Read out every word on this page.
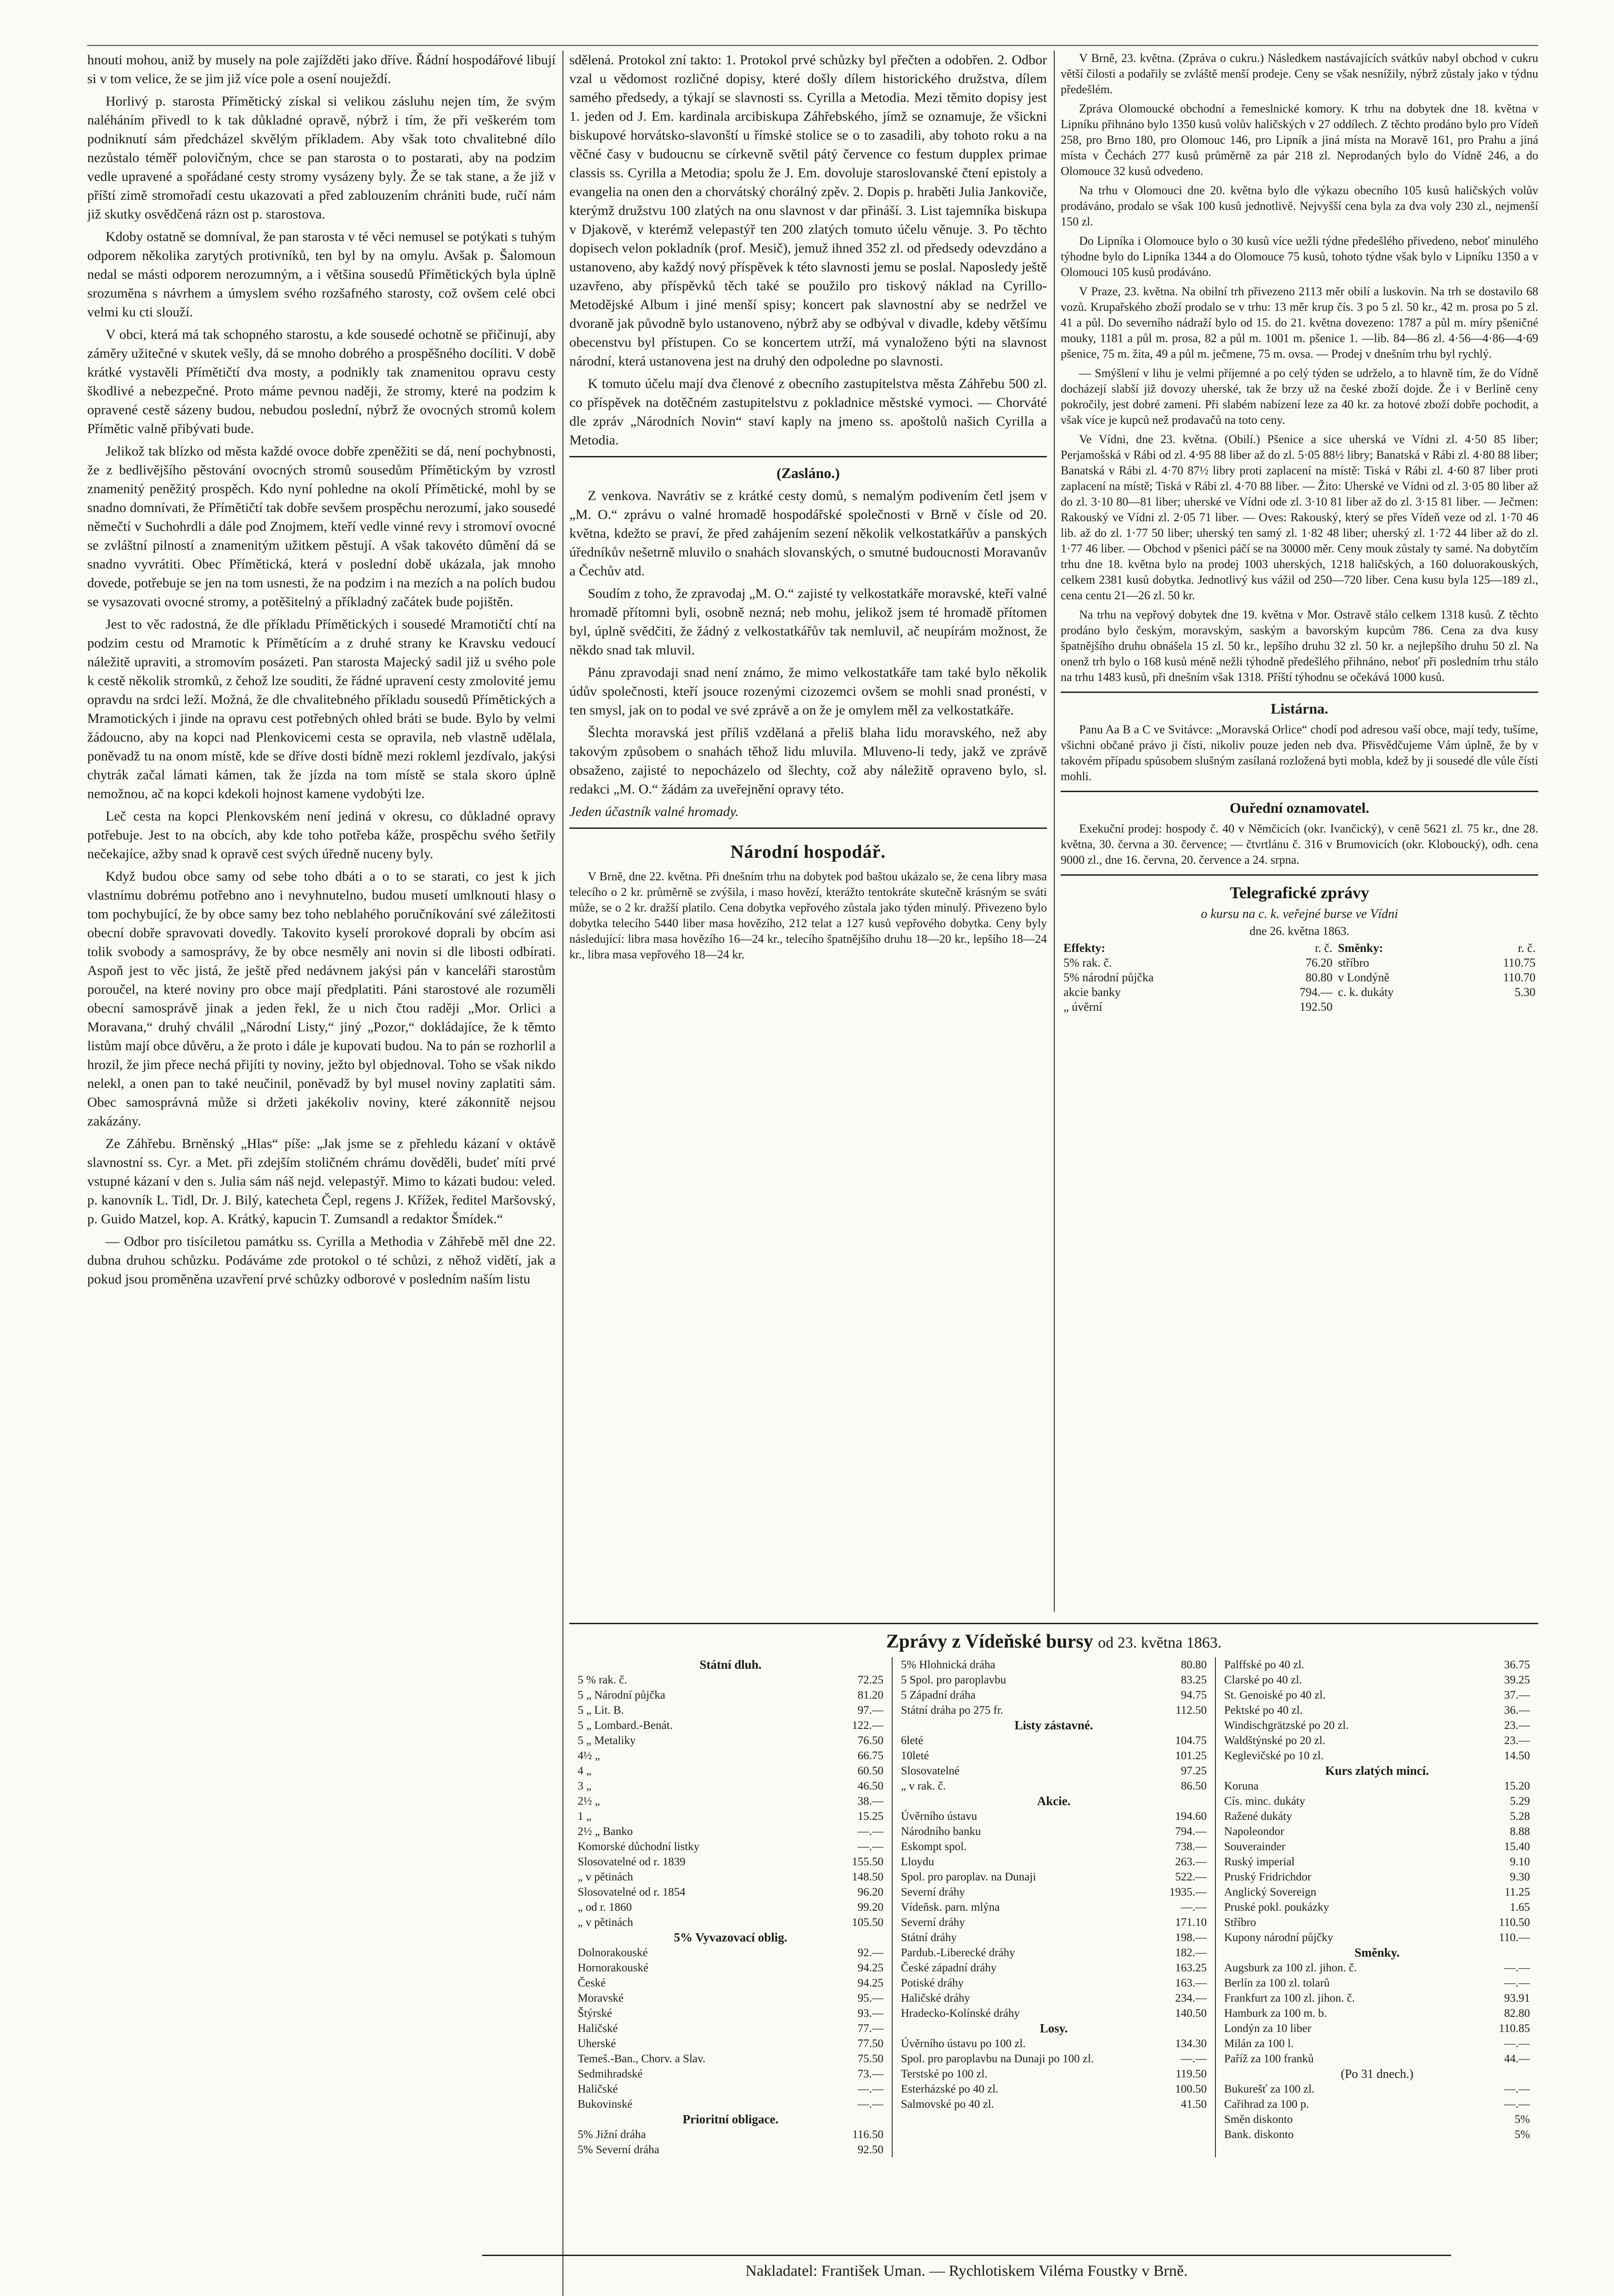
hnouti mohou, aniž by musely na pole zajížděti jako dříve. Řádní hospodářové libují si v tom velice, že se jim již více pole a osení nouježdí.

Horlivý p. starosta Přímětický získal si velikou zásluhu nejen tím, že svým naléháním přivedl to k tak důkladné opravě, nýbrž i tím, že při veškerém tom podniknutí sám předcházel skvělým příkladem. Aby však toto chvalitebné dílo nezůstalo téměř polovičným, chce se pan starosta o to postarati, aby na podzim vedle upravené a spořádané cesty stromy vysázeny byly. Že se tak stane, a že již v příští zimě stromořadí cestu ukazovati a před zablouzením chrániti bude, ručí nám již skutky osvědčená rázn ost p. starostova.

Kdoby ostatně se domníval, že pan starosta v té věci nemusel se potýkati s tuhým odporem několika zarytých protivníků, ten byl by na omylu. Avšak p. Šalomoun nedal se másti odporem nerozumným, a i většina sousedů Přímětických byla úplně srozuměna s návrhem a úmyslem svého rozšafného starosty, což ovšem celé obci velmi ku cti slouží.

V obci, která má tak schopného starostu, a kde sousedé ochotně se přičinují, aby záměry užitečné v skutek vešly, dá se mnoho dobrého a prospěšného docíliti. V době krátké vystavěli Přímětičtí dva mosty, a podnikly tak znamenitou opravu cesty škodlivé a nebezpečné. Proto máme pevnou naději, že stromy, které na podzim k opravené cestě sázeny budou, nebudou poslední, nýbrž že ovocných stromů kolem Přímětic valně přibývati bude.

Jelikož tak blízko od města každé ovoce dobře zpeněžiti se dá, není pochybnosti, že z bedlivějšího pěstování ovocných stromů sousedům Přímětickým by vzrostl znamenitý peněžitý prospěch. Kdo nyní pohledne na okolí Přímětické, mohl by se snadno domnívati, že Přímětičtí tak dobře sevšem prospěchu nerozumí, jako sousedé němečtí v Suchohrdli a dále pod Znojmem, kteří vedle vinné revy i stromoví ovocné se zvláštní pilností a znamenitým užitkem pěstují. A však takovéto dûmění dá se snadno vyvrátiti. Obec Přímětická, která v poslední době ukázala, jak mnoho dovede, potřebuje se jen na tom usnesti, že na podzim i na mezích a na polích budou se vysazovati ovocné stromy, a potěšitelný a příkladný začátek bude pojištěn.

Jest to věc radostná, že dle příkladu Přímětických i sousedé Mramotičtí chtí na podzim cestu od Mramotic k Přímětícím a z druhé strany ke Kravsku vedoucí náležitě upraviti, a stromovím posázeti. Pan starosta Majecký sadil již u svého pole k cestě několik stromků, z čehož lze souditi, že řádné upravení cesty zmolovité jemu opravdu na srdci leží. Možná, že dle chvalitebného příkladu sousedů Přímětických a Mramotických i jinde na opravu cest potřebných ohled bráti se bude. Bylo by velmi žádoucno, aby na kopci nad Plenkovicemi cesta se opravila, neb vlastně udělala, poněvadž tu na onom místě, kde se dříve dosti bídně mezi rokleml jezdívalo, jakýsi chytrák začal lámati kámen, tak že jízda na tom místě se stala skoro úplně nemožnou, ač na kopci kdekoli hojnost kamene vydobýti lze.

Leč cesta na kopci Plenkovském není jediná v okresu, co důkladné opravy potřebuje. Jest to na obcích, aby kde toho potřeba káže, prospěchu svého šetřily nečekajíce, ažby snad k opravě cest svých úředně nuceny byly.

Když budou obce samy od sebe toho dbáti a o to se starati, co jest k jich vlastnímu dobrému potřebno ano i nevyhnutelno, budou musetí umlknouti hlasy o tom pochybující, že by obce samy bez toho neblahého poručníkování své záležitosti obecní dobře spravovati dovedly. Takovito kyselí prorokové doprali by obcím asi tolik svobody a samosprávy, že by obce nesměly ani novin si dle libosti odbírati. Aspoň jest to věc jistá, že ještě před nedávnem jakýsi pán v kanceláři starostům poroučel, na které noviny pro obce mají předplatiti. Páni starostové ale rozuměli obecní samosprávě jinak a jeden řekl, že u nich čtou raději „Mor. Orlici a Moravana,“ druhý chválil „Národní Listy,“ jiný „Pozor,“ dokládajíce, že k těmto listům mají obce důvěru, a že proto i dále je kupovati budou. Na to pán se rozhorlil a hrozil, že jim přece nechá přijíti ty noviny, ježto byl objednoval. Toho se však nikdo nelekl, a onen pan to také neučinil, poněvadž by byl musel noviny zaplatiti sám. Obec samosprávná může si držeti jakékoliv noviny, které zákonnitě nejsou zakázány.

Ze Záhřebu. Brněnský „Hlas“ píše: „Jak jsme se z přehledu kázaní v oktávě slavnostní ss. Cyr. a Met. při zdejším stoličném chrámu dověděli, budeť míti prvé vstupné kázaní v den s. Julia sám náš nejd. velepastýř. Mimo to kázati budou: veled. p. kanovník L. Tidl, Dr. J. Bilý, katecheta Čepl, regens J. Křížek, ředitel Maršovský, p. Guido Matzel, kop. A. Krátký, kapucin T. Zumsandl a redaktor Šmídek.“

— Odbor pro tisíciletou památku ss. Cyrilla a Methodia v Záhřebě měl dne 22. dubna druhou schůzku. Podáváme zde protokol o té schůzi, z něhož vidětí, jak a pokud jsou proměněna uzavření prvé schůzky odborové v posledním naším listu

sdělená. Protokol zní takto: 1. Protokol prvé schůzky byl přečten a odobřen. 2. Odbor vzal u vědomost rozličné dopisy, které došly dílem historického družstva, dílem samého předsedy, a týkají se slavnosti ss. Cyrilla a Metodia. Mezi těmito dopisy jest 1. jeden od J. Em. kardinala arcibiskupa Záhřebského, jímž se oznamuje, že všickni biskupové horvátsko-slavonští u římské stolice se o to zasadili, aby tohoto roku a na věčné časy v budoucnu se církevně světil pátý července co festum dupplex primae classis ss. Cyrilla a Metodia; spolu že J. Em. dovoluje staroslovanské čtení epistoly a evangelia na onen den a chorvátský chorálný zpěv. 2. Dopis p. hraběti Julia Jankoviče, kterýmž družstvu 100 zlatých na onu slavnost v dar přináší. 3. List tajemníka biskupa v Djakově, v kterémž velepastýř ten 200 zlatých tomuto účelu věnuje. 3. Po těchto dopisech velon pokladník (prof. Mesič), jemuž ihned 352 zl. od předsedy odevzdáno a ustanoveno, aby každý nový příspěvek k této slavnosti jemu se poslal. Naposledy ještě uzavřeno, aby příspěvků těch také se použilo pro tiskový náklad na Cyrillo-Metodějské Album i jiné menší spisy; koncert pak slavnostní aby se nedržel ve dvoraně jak původně bylo ustanoveno, nýbrž aby se odbýval v divadle, kdeby většímu obecenstvu byl přístupen. Co se koncertem utrží, má vynaloženo býti na slavnost národní, která ustanovena jest na druhý den odpoledne po slavnosti.

K tomuto účelu mají dva členové z obecního zastupitelstva města Záhřebu 500 zl. co příspěvek na dotěčném zastupitelstvu z pokladnice městské vymoci. — Chorváté dle zpráv „Národních Novin“ staví kaply na jmeno ss. apoštolů našich Cyrilla a Metodia.

(Zasláno.)

Z venkova. Navrátiv se z krátké cesty domů, s nemalým podivením četl jsem v „M. O.“ zprávu o valné hromadě hospodářské společnosti v Brně v čísle od 20. května, kdežto se praví, že před zahájením sezení několik velkostatkářův a panských úředníkův nešetrně mluvilo o snahách slovanských, o smutné budoucnosti Moravanův a Čechův atd.

Soudím z toho, že zpravodaj „M. O.“ zajisté ty velkostatkáře moravské, kteří valné hromadě přítomni byli, osobně nezná; neb mohu, jelikož jsem té hromadě přítomen byl, úplně svědčiti, že žádný z velkostatkářův tak nemluvil, ač neupírám možnost, že někdo snad tak mluvil.

Pánu zpravodaji snad není známo, že mimo velkostatkáře tam také bylo několik údův společnosti, kteří jsouce rozenými cizozemci ovšem se mohli snad pronésti, v ten smysl, jak on to podal ve své zprávě a on že je omylem měl za velkostatkáře.

Šlechta moravská jest příliš vzdělaná a přeliš blaha lidu moravského, než aby takovým způsobem o snahách těhož lidu mluvila. Mluveno-li tedy, jakž ve zprávě obsaženo, zajisté to nepocházelo od šlechty, což aby náležitě opraveno bylo, sl. redakci „M. O.“ žádám za uveřejnění opravy této.

Jeden účastník valné hromady.

Národní hospodář.

V Brně, dne 22. května. Při dnešním trhu na dobytek pod baštou ukázalo se, že cena libry masa telecího o 2 kr. průměrně se zvýšila, i maso hovězí, kterážto tentokráte skutečně krásným se sváti může, se o 2 kr. dražší platilo. Cena dobytka vepřového zůstala jako týden minulý. Přivezeno bylo dobytka telecího 5440 liber masa hovězího, 212 telat a 127 kusů vepřového dobytka. Ceny byly následující: libra masa hovězího 16—24 kr., telecího špatnějšího druhu 18—20 kr., lepšího 18—24 kr., libra masa vepřového 18—24 kr.

V Brně, 23. května. (Zpráva o cukru.) Následkem nastávajících svátkův nabyl obchod v cukru větší čilosti a podařily se zvláště menší prodeje. Ceny se však nesnížily, nýbrž zůstaly jako v týdnu předešlém.

Zpráva Olomoucké obchodní a řemeslnické komory. K trhu na dobytek dne 18. května v Lipníku přihnáno bylo 1350 kusů volův haličských v 27 oddílech. Z těchto prodáno bylo pro Vídeň 258, pro Brno 180, pro Olomouc 146, pro Lipník a jiná místa na Moravě 161, pro Prahu a jiná místa v Čechách 277 kusů průměrně za pár 218 zl. Neprodaných bylo do Vídně 246, a do Olomouce 32 kusů odvedeno.

Na trhu v Olomouci dne 20. května bylo dle výkazu obecního 105 kusů haličských volův prodáváno, prodalo se však 100 kusů jednotlivě. Nejvyšší cena byla za dva voly 230 zl., nejmenší 150 zl.

Do Lipníka i Olomouce bylo o 30 kusů více uežli týdne předešlého přivedeno, neboť minulého týhodne bylo do Lipníka 1344 a do Olomouce 75 kusů, tohoto týdne však bylo v Lipníku 1350 a v Olomouci 105 kusů prodáváno.

V Praze, 23. května. Na obilní trh přivezeno 2113 měr obilí a luskovin. Na trh se dostavilo 68 vozů. Krupařského zboží prodalo se v trhu: 13 měr krup čís. 3 po 5 zl. 50 kr., 42 m. prosa po 5 zl. 41 a půl. Do severního nádraží bylo od 15. do 21. května dovezeno: 1787 a půl m. míry pšeničné mouky, 1181 a půl m. prosa, 82 a půl m. 1001 m. pšenice 1. —lib. 84—86 zl. 4·56—4·86—4·69 pšenice, 75 m. žita, 49 a půl m. ječmene, 75 m. ovsa. — Prodej v dnešním trhu byl rychlý.

— Smýšlení v lihu je velmi příjemné a po celý týden se udrželo, a to hlavně tím, že do Vídně docházejí slabší již dovozy uherské, tak že brzy už na české zboží dojde. Že i v Berlíně ceny pokročily, jest dobré zameni. Při slabém nabízení leze za 40 kr. za hotové zboží dobře pochodit, a však více je kupců než prodavačů na toto ceny.

Ve Vídni, dne 23. května. (Obilí.) Pšenice a sice uherská ve Vídni zl. 4·50 85 liber; Perjamošská v Rábi od zl. 4·95 88 liber až do zl. 5·05 88½ libry; Banatská v Rábi zl. 4·80 88 liber; Banatská v Rábi zl. 4·70 87½ libry proti zaplacení na místě: Tiská v Rábi zl. 4·60 87 liber proti zaplacení na místě; Tiská v Rábi zl. 4·70 88 liber. — Žito: Uherské ve Vídni od zl. 3·05 80 liber až do zl. 3·10 80—81 liber; uherské ve Vídni ode zl. 3·10 81 liber až do zl. 3·15 81 liber. — Ječmen: Rakouský ve Vídni zl. 2·05 71 liber. — Oves: Rakouský, který se přes Vídeň veze od zl. 1·70 46 lib. až do zl. 1·77 50 liber; uherský ten samý zl. 1·82 48 liber; uherský zl. 1·72 44 liber až do zl. 1·77 46 liber. — Obchod v pšenici páčí se na 30000 měr. Ceny mouk zůstaly ty samé. Na dobytčím trhu dne 18. května bylo na prodej 1003 uherských, 1218 haličských, a 160 doluorakouských, celkem 2381 kusů dobytka. Jednotlivý kus vážil od 250—720 liber. Cena kusu byla 125—189 zl., cena centu 21—26 zl. 50 kr.

Na trhu na vepřový dobytek dne 19. května v Mor. Ostravě stálo celkem 1318 kusů. Z těchto prodáno bylo českým, moravským, saským a bavorským kupcům 786. Cena za dva kusy špatnějšího druhu obnášela 15 zl. 50 kr., lepšího druhu 32 zl. 50 kr. a nejlepšího druhu 50 zl. Na onenž trh bylo o 168 kusů méně nežli týhodně předešlého přihnáno, neboť při posledním trhu stálo na trhu 1483 kusů, při dnešním však 1318. Příští týhodnu se očekává 1000 kusů.

Listárna.

Panu Aa B a C ve Svitávce: „Moravská Orlice“ chodí pod adresou vaší obce, mají tedy, tušíme, všichni občané právo ji čísti, nikoliv pouze jeden neb dva. Přisvědčujeme Vám úplně, že by v takovém případu spůsobem slušným zasílaná rozložená byti mobla, kdež by ji sousedé dle vůle čísti mohli.

Ouřední oznamovatel.

Exekuční prodej: hospody č. 40 v Němčicích (okr. Ivančický), v ceně 5621 zl. 75 kr., dne 28. května, 30. června a 30. července; — čtvrtlánu č. 316 v Brumovicích (okr. Kloboucký), odh. cena 9000 zl., dne 16. června, 20. července a 24. srpna.

Telegrafické zprávy
o kursu na c. k. veřejné burse ve Vídni
dne 26. května 1863.
Effekty:	r. č.	Směnky:	r. č.
5% rak. č.	76.20	stříbro	110.75
5% národní půjčka	80.80	v Londýně	110.70
akcie banky	794.—	c. k. dukáty	5.30
„ úvěrní	192.50		
Zprávy z Vídeňské bursy od 23. května 1863.
Státní dluh.	
5 % rak. č.	72.25
5 „ Národní půjčka	81.20
5 „ Lit. B.	97.—
5 „ Lombard.-Benát.	122.—
5 „ Metaliky	76.50
4½ „	66.75
4 „	60.50
3 „	46.50
2½ „	38.—
1 „	15.25
2½ „ Banko	—.—
Komorské důchodní listky	—.—
Slosovatelné od r. 1839	155.50
„ v pětinách	148.50
Slosovatelné od r. 1854	96.20
„ od r. 1860	99.20
„ v pětinách	105.50
5% Vyvazovací oblig.	
Dolnorakouské	92.—
Hornorakouské	94.25
České	94.25
Moravské	95.—
Štýrské	93.—
Haličské	77.—
Uherské	77.50
Temeš.-Ban., Chorv. a Slav.	75.50
Sedmihradské	73.—
Haličské	—.—
Bukovinské	—.—
Prioritní obligace.	
5% Jižní dráha	116.50
5% Severní dráha	92.50
5% Hlohnická dráha	80.80
5 Spol. pro paroplavbu	83.25
5 Západní dráha	94.75
Státní dráha po 275 fr.	112.50
Listy zástavné.	
6leté	104.75
10leté	101.25
Slosovatelné	97.25
„ v rak. č.	86.50
Akcie.	
Úvěrního ústavu	194.60
Národního banku	794.—
Eskompt spol.	738.—
Lloydu	263.—
Spol. pro paroplav. na Dunaji	522.—
Severní dráhy	1935.—
Vídeňsk. parn. mlýna	—.—
Severní dráhy	171.10
Státní dráhy	198.—
Pardub.-Liberecké dráhy	182.—
České západní dráhy	163.25
Potiské dráhy	163.—
Haličské dráhy	234.—
Hradecko-Kolínské dráhy	140.50
Losy.	
Úvěrního ústavu po 100 zl.	134.30
Spol. pro paroplavbu na Dunaji po 100 zl.	—.—
Terstské po 100 zl.	119.50
Esterházské po 40 zl.	100.50
Salmovské po 40 zl.	41.50
Palffské po 40 zl.	36.75
Clarské po 40 zl.	39.25
St. Genoiské po 40 zl.	37.—
Pektské po 40 zl.	36.—
Windischgrätzské po 20 zl.	23.—
Waldštýnské po 20 zl.	23.—
Keglevičské po 10 zl.	14.50
Kurs zlatých mincí.	
Koruna	15.20
Cís. minc. dukáty	5.29
Ražené dukáty	5.28
Napoleondor	8.88
Souverainder	15.40
Ruský imperial	9.10
Pruský Fridrichdor	9.30
Anglický Sovereign	11.25
Pruské pokl. poukázky	1.65
Stříbro	110.50
Kupony národní půjčky	110.—
Směnky.	
Augsburk za 100 zl. jihon. č.	—.—
Berlín za 100 zl. tolarů	—.—
Frankfurt za 100 zl. jihon. č.	93.91
Hamburk za 100 m. b.	82.80
Londýn za 10 liber	110.85
Milán za 100 l.	—.—
Paříž za 100 franků	44.—
(Po 31 dnech.)	
Bukurešť za 100 zl.	—.—
Cařihrad za 100 p.	—.—
Směn diskonto	5%
Bank. diskonto	5%
Nakladatel: František Uman. — Rychlotiskem Viléma Foustky v Brně.
